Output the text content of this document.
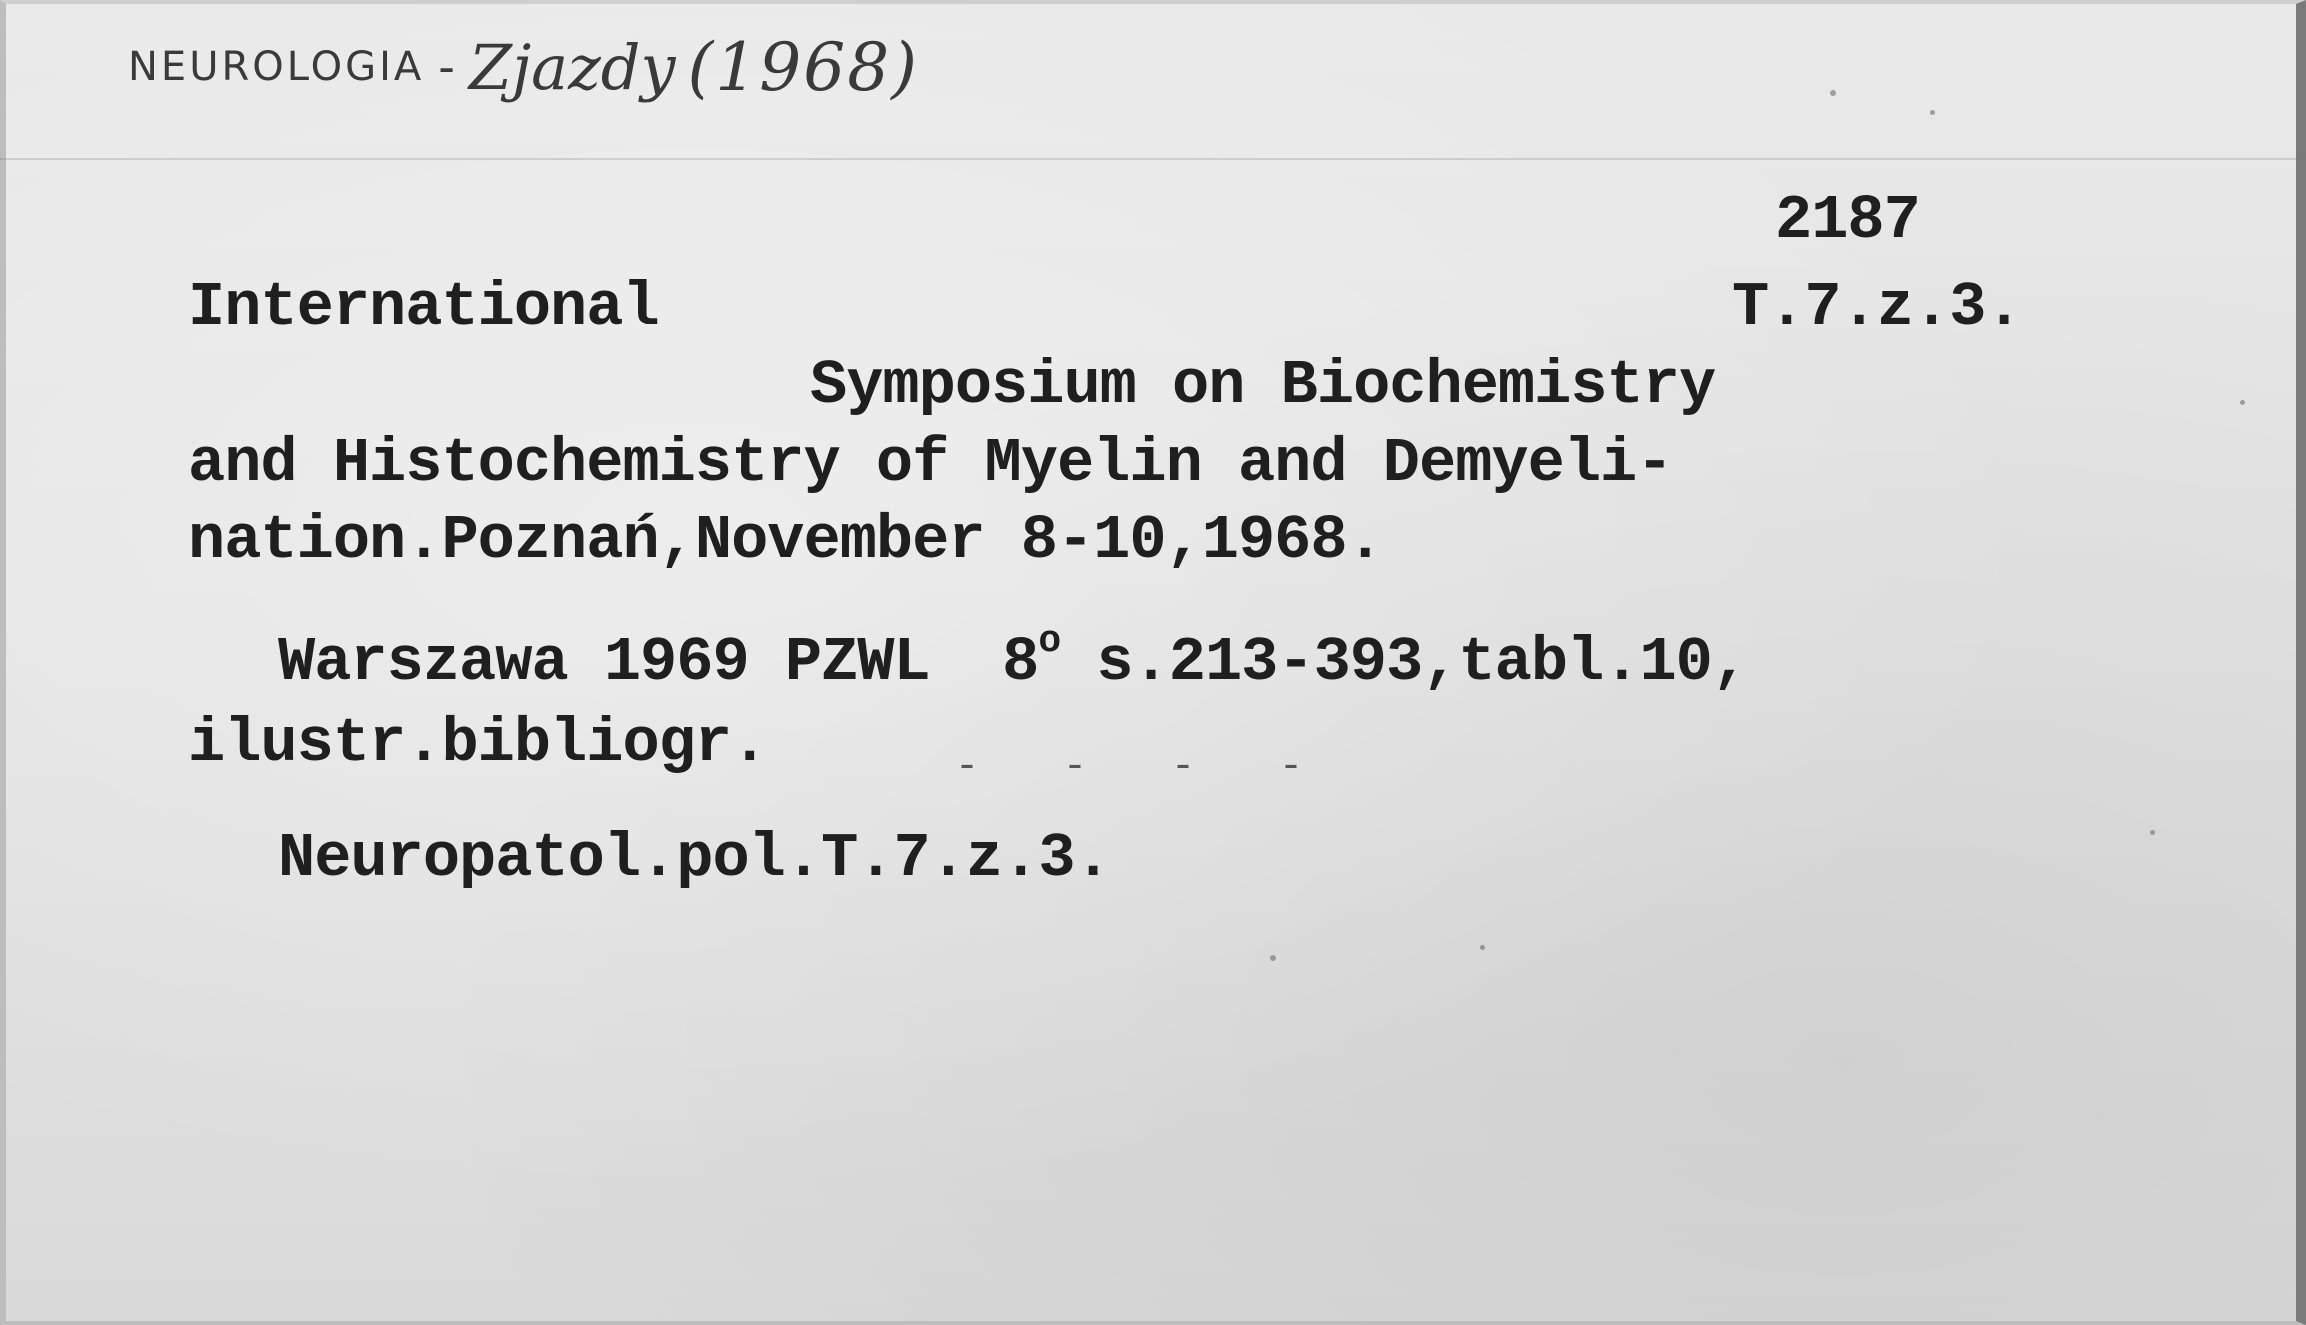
NEUROLOGIA - Zjazdy (1968)
2187
International	T.7.z.3.
Symposium on Biochemistry
and Histochemistry of Myelin and Demyeli-
nation.Poznań,November 8-10,1968.
Warszawa 1969 PZWL  8$^o$ s.213-393,tabl.10,
ilustr.bibliogr.	- - - -
Neuropatol.pol.T.7.z.3.
